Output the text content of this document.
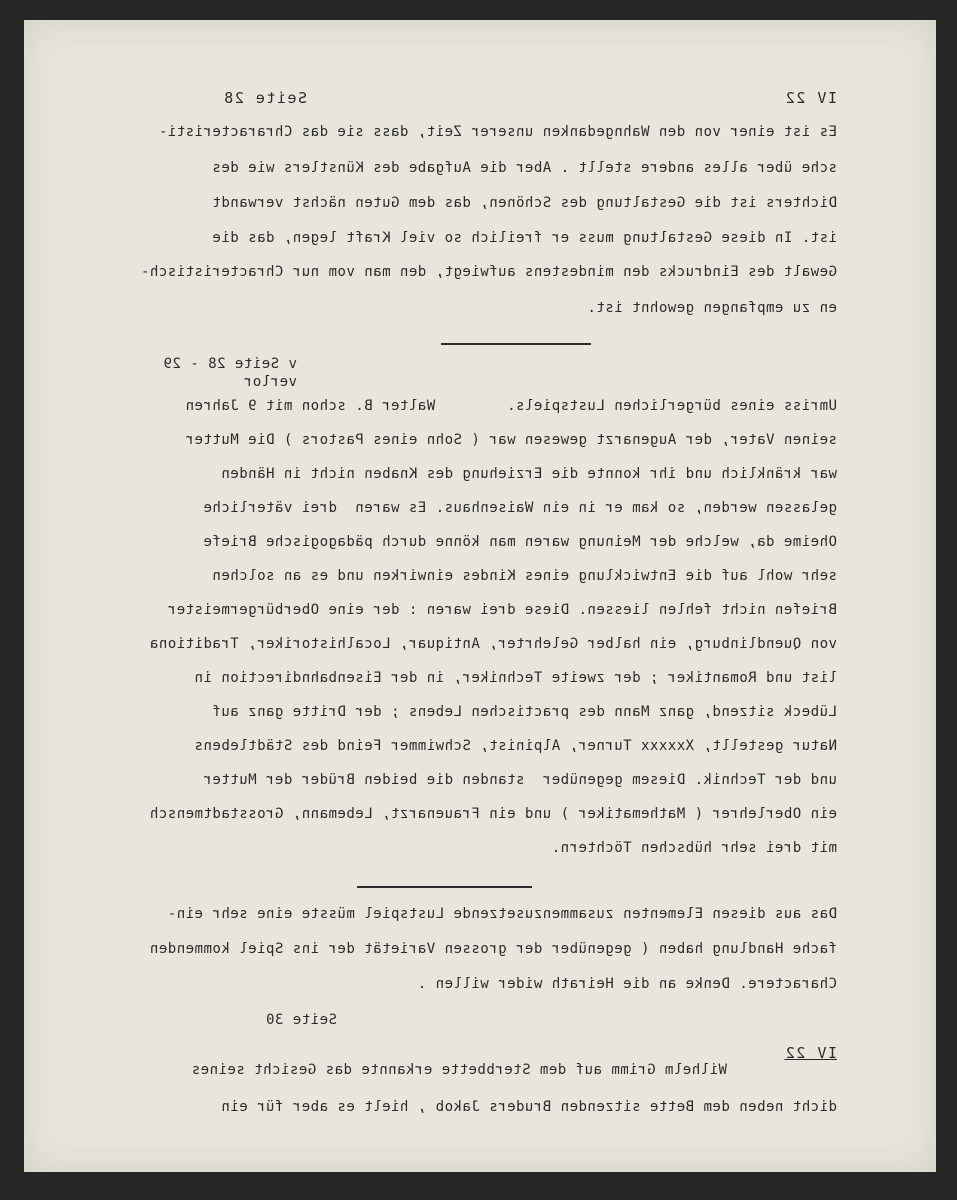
IV 22
Seite 28
Es ist einer von den Wahngedanken unserer Zeit, dass sie das Chraracteristi-
sche über alles andere stellt . Aber die Aufgabe des Künstlers wie des
Dichters ist die Gestaltung des Schönen, das dem Guten nächst verwandt
ist. In diese Gestaltung muss er freilich so viel Kraft legen, das die
Gewalt des Eindrucks den mindestens aufwiegt, den man vom nur Chracteristisch-
en zu empfangen gewohnt ist.
v Seite 28 - 29
verlor
Umriss eines bürgerlichen Lustspiels.        Walter B. schon mit 9 Jahren
seinen Vater, der Augenarzt gewesen war ( Sohn eines Pastors ) Die Mutter
war kränklich und ihr konnte die Erziehung des Knaben nicht in Händen
gelassen werden, so kam er in ein Waisenhaus. Es waren  drei väterliche
Oheime da, welche der Meinung waren man könne durch pädagogische Briefe
sehr wohl auf die Entwicklung eines Kindes einwirken und es an solchen
Briefen nicht fehlen liessen. Diese drei waren : der eine Oberbürgermeister
von Quendlinburg, ein halber Gelehrter, Antiquar, Localhistoriker, Traditiona
list und Romantiker ; der zweite Techniker, in der Eisenbahndirection in
Lübeck sitzend, ganz Mann des practischen Lebens ; der Dritte ganz auf
Natur gestellt, Xxxxxx Turner, Alpinist, Schwimmer Feind des Städtlebens
und der Technik. Diesem gegenüber  standen die beiden Brüder der Mutter
ein Oberlehrer ( Mathematiker ) und ein Frauenarzt, Lebemann, Grosstadtmensch
mit drei sehr hübschen Töchtern.
Das aus diesen Elementen zusammenzusetzende Lustspiel müsste eine sehr ein-
fache Handlung haben ( gegenüber der grossen Varietät der ins Spiel kommenden
Charactere. Denke an die Heirath wider willen .
Seite 30
IV 22
Wilhelm Grimm auf dem Sterbbette erkannte das Gesicht seines
dicht neben dem Bette sitzenden Bruders Jakob , hielt es aber für ein
